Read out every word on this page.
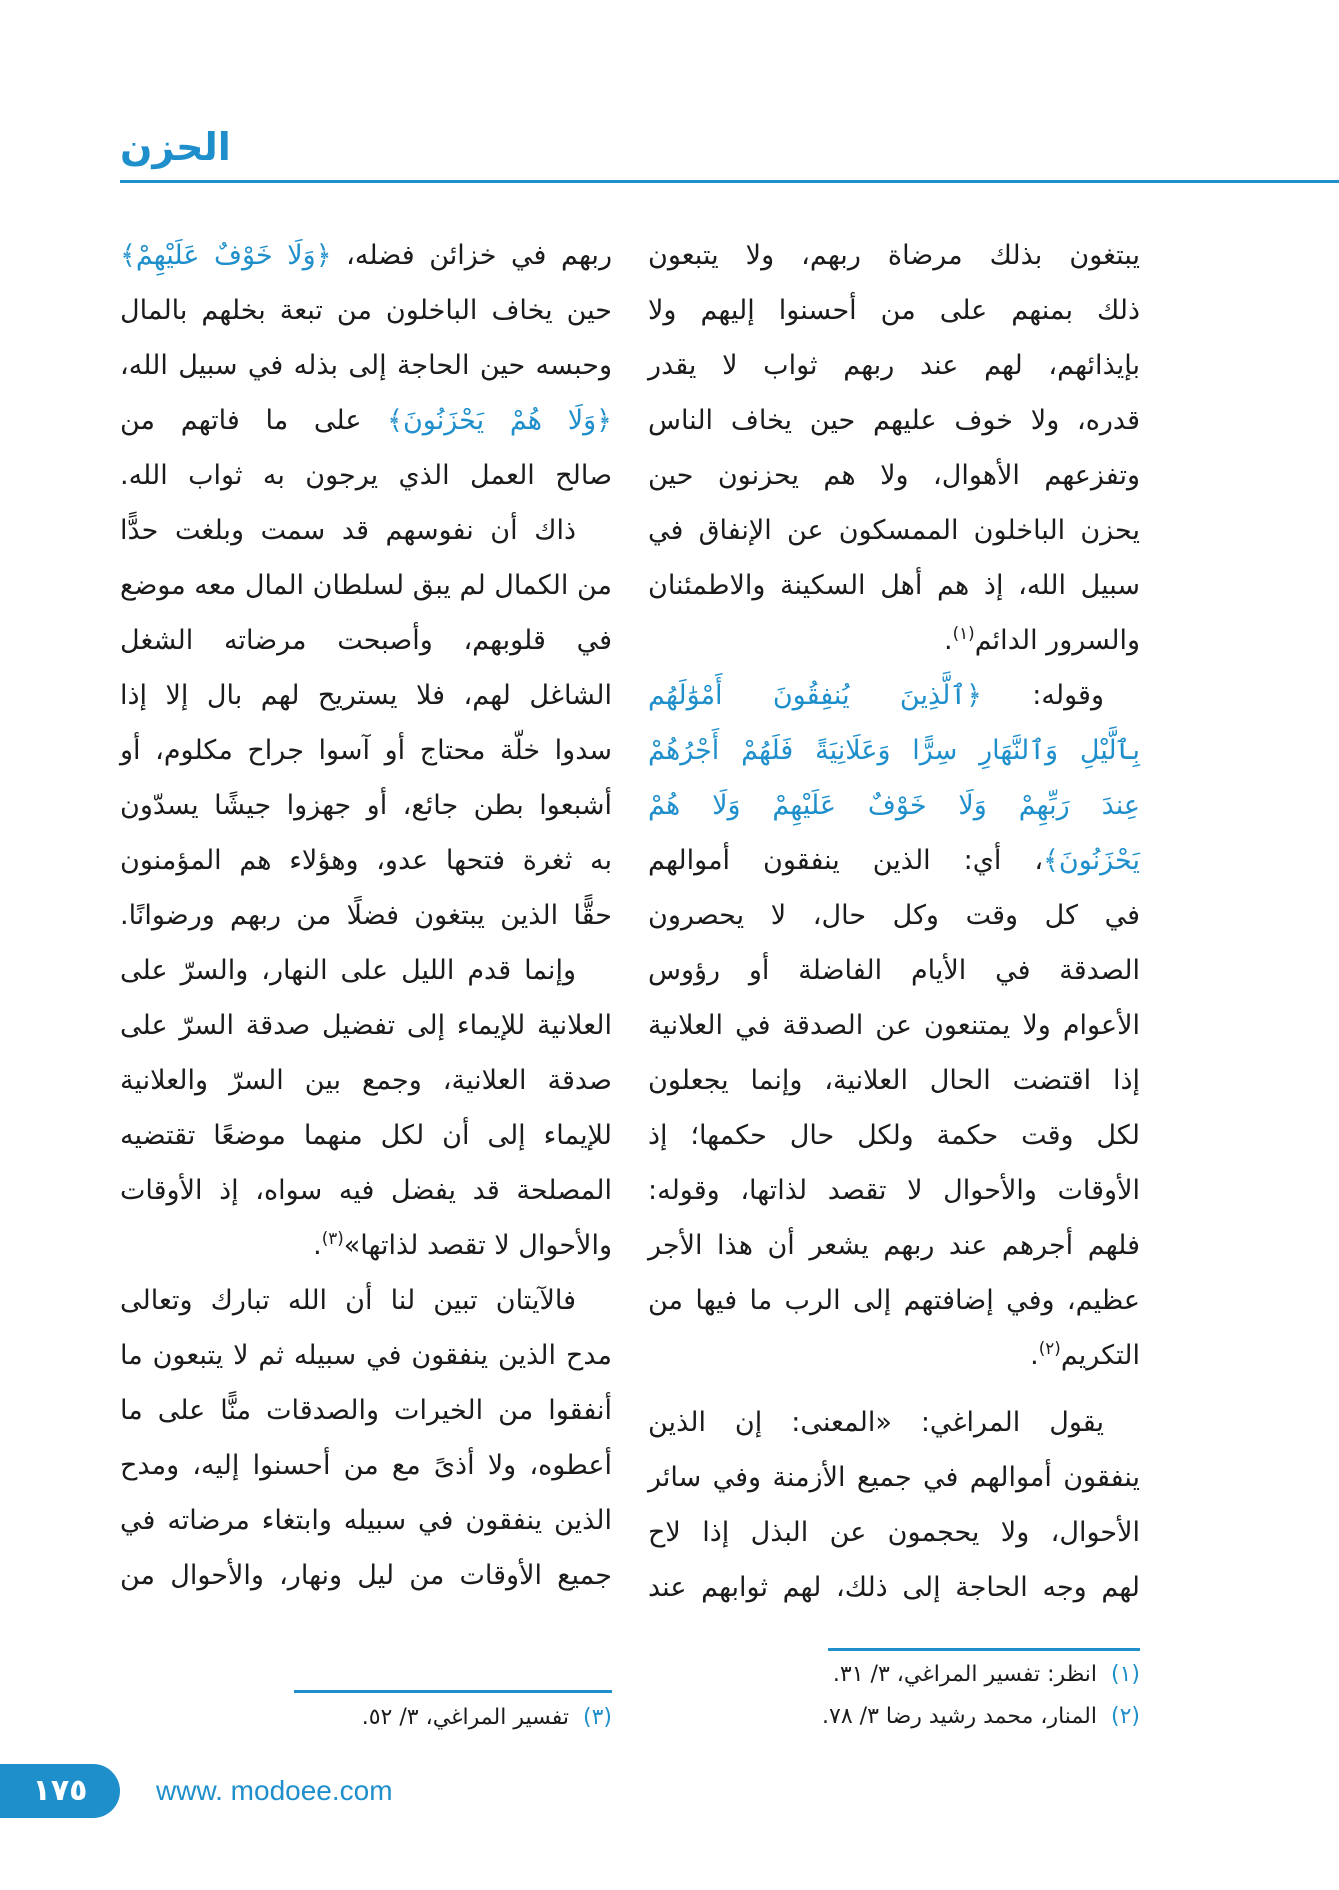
الحزن
يبتغون بذلك مرضاة ربهم، ولا يتبعون
ذلك بمنهم على من أحسنوا إليهم ولا
بإيذائهم، لهم عند ربهم ثواب لا يقدر
قدره، ولا خوف عليهم حين يخاف الناس
وتفزعهم الأهوال، ولا هم يحزنون حين
يحزن الباخلون الممسكون عن الإنفاق في
سبيل الله، إذ هم أهل السكينة والاطمئنان
والسرور الدائم$^{(١)}$.
وقوله: ﴿ٱلَّذِينَ يُنفِقُونَ أَمْوَٰلَهُم
بِٱلَّيْلِ وَٱلنَّهَارِ سِرًّا وَعَلَانِيَةً فَلَهُمْ أَجْرُهُمْ
عِندَ رَبِّهِمْ وَلَا خَوْفٌ عَلَيْهِمْ وَلَا هُمْ
يَحْزَنُونَ﴾، أي: الذين ينفقون أموالهم
في كل وقت وكل حال، لا يحصرون
الصدقة في الأيام الفاضلة أو رؤوس
الأعوام ولا يمتنعون عن الصدقة في العلانية
إذا اقتضت الحال العلانية، وإنما يجعلون
لكل وقت حكمة ولكل حال حكمها؛ إذ
الأوقات والأحوال لا تقصد لذاتها، وقوله:
فلهم أجرهم عند ربهم يشعر أن هذا الأجر
عظيم، وفي إضافتهم إلى الرب ما فيها من
التكريم$^{(٢)}$.
يقول المراغي: «المعنى: إن الذين
ينفقون أموالهم في جميع الأزمنة وفي سائر
الأحوال، ولا يحجمون عن البذل إذا لاح
لهم وجه الحاجة إلى ذلك، لهم ثوابهم عند
ربهم في خزائن فضله، ﴿وَلَا خَوْفٌ عَلَيْهِمْ﴾
حين يخاف الباخلون من تبعة بخلهم بالمال
وحبسه حين الحاجة إلى بذله في سبيل الله،
﴿وَلَا هُمْ يَحْزَنُونَ﴾ على ما فاتهم من
صالح العمل الذي يرجون به ثواب الله.
ذاك أن نفوسهم قد سمت وبلغت حدًّا
من الكمال لم يبق لسلطان المال معه موضع
في قلوبهم، وأصبحت مرضاته الشغل
الشاغل لهم، فلا يستريح لهم بال إلا إذا
سدوا خلّة محتاج أو آسوا جراح مكلوم، أو
أشبعوا بطن جائع، أو جهزوا جيشًا يسدّون
به ثغرة فتحها عدو، وهؤلاء هم المؤمنون
حقًّا الذين يبتغون فضلًا من ربهم ورضوانًا.
وإنما قدم الليل على النهار، والسرّ على
العلانية للإيماء إلى تفضيل صدقة السرّ على
صدقة العلانية، وجمع بين السرّ والعلانية
للإيماء إلى أن لكل منهما موضعًا تقتضيه
المصلحة قد يفضل فيه سواه، إذ الأوقات
والأحوال لا تقصد لذاتها»$^{(٣)}$.
فالآيتان تبين لنا أن الله تبارك وتعالى
مدح الذين ينفقون في سبيله ثم لا يتبعون ما
أنفقوا من الخيرات والصدقات منًّا على ما
أعطوه، ولا أذىً مع من أحسنوا إليه، ومدح
الذين ينفقون في سبيله وابتغاء مرضاته في
جميع الأوقات من ليل ونهار، والأحوال من
(١)انظر: تفسير المراغي، ٣/ ٣١.
(٢)المنار، محمد رشيد رضا ٣/ ٧٨.
(٣)تفسير المراغي، ٣/ ٥٢.
١٧٥ www. modoee.com
